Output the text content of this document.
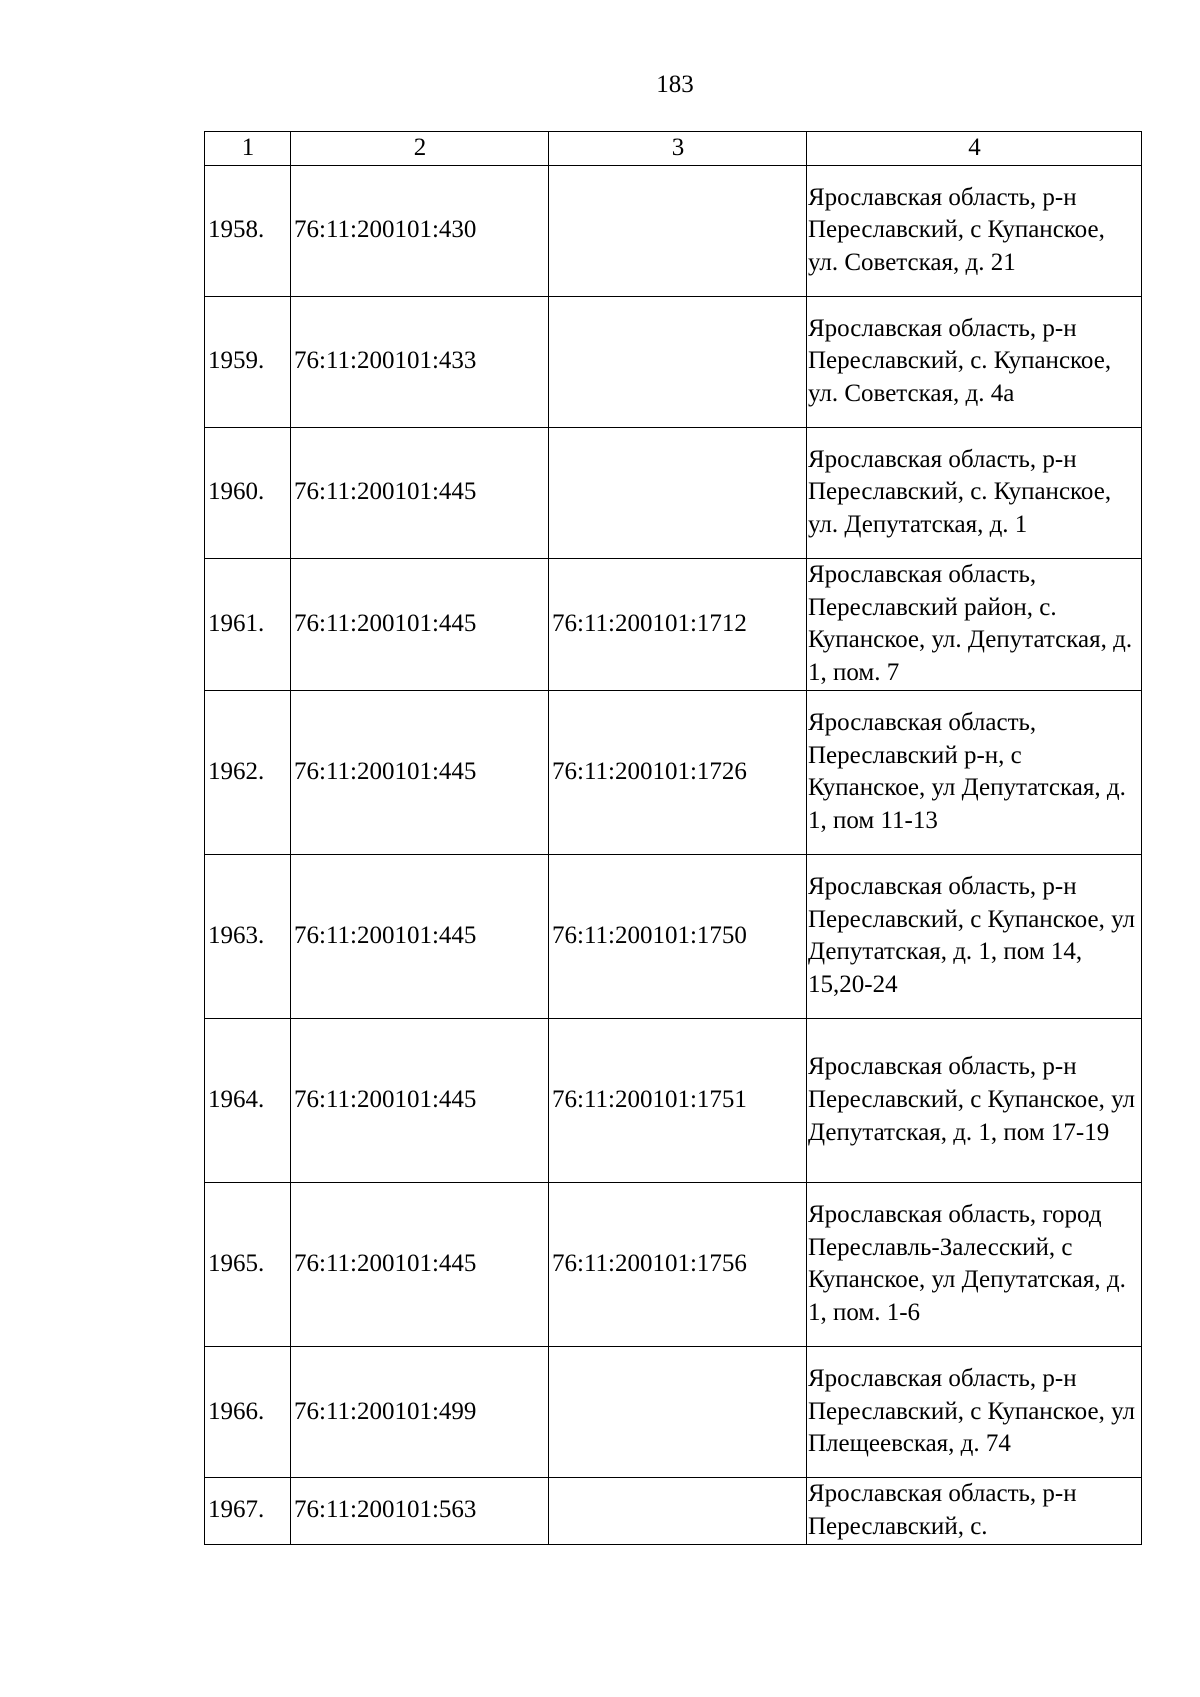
183
1	2	3	4
1958.	76:11:200101:430		Ярославская область, р-н Переславский, с Купанское, ул. Советская, д. 21
1959.	76:11:200101:433		Ярославская область, р-н Переславский, с. Купанское, ул. Советская, д. 4а
1960.	76:11:200101:445		Ярославская область, р-н Переславский, с. Купанское, ул. Депутатская, д. 1
1961.	76:11:200101:445	76:11:200101:1712	Ярославская область, Переславский район, с. Купанское, ул. Депутатская, д. 1, пом. 7
1962.	76:11:200101:445	76:11:200101:1726	Ярославская область, Переславский р-н, с Купанское, ул Депутатская, д. 1, пом 11-13
1963.	76:11:200101:445	76:11:200101:1750	Ярославская область, р-н Переславский, с Купанское, ул Депутатская, д. 1, пом 14, 15,20-24
1964.	76:11:200101:445	76:11:200101:1751	Ярославская область, р-н Переславский, с Купанское, ул Депутатская, д. 1, пом 17-19
1965.	76:11:200101:445	76:11:200101:1756	Ярославская область, город Переславль-Залесский, с Купанское, ул Депутатская, д. 1, пом. 1-6
1966.	76:11:200101:499		Ярославская область, р-н Переславский, с Купанское, ул Плещеевская, д. 74
1967.	76:11:200101:563		Ярославская область, р-н Переславский, с.
